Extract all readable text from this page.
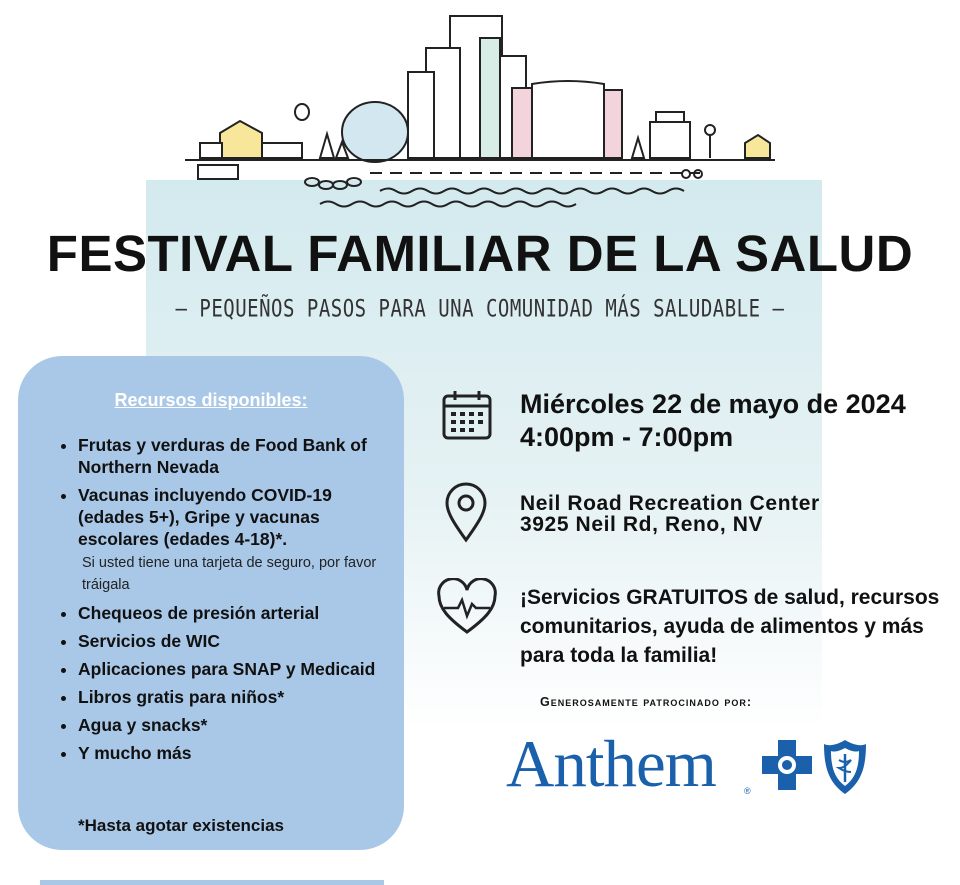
FESTIVAL FAMILIAR DE LA SALUD
— PEQUEÑOS PASOS PARA UNA COMUNIDAD MÁS SALUDABLE —
Recursos disponibles:
• Frutas y verduras de Food Bank of Northern Nevada
• Vacunas incluyendo COVID-19 (edades 5+), Gripe y vacunas escolares (edades 4-18)*.
Si usted tiene una tarjeta de seguro, por favor tráigala
• Chequeos de presión arterial
• Servicios de WIC
• Aplicaciones para SNAP y Medicaid
• Libros gratis para niños*
• Agua y snacks*
• Y mucho más
*Hasta agotar existencias
Miércoles 22 de mayo de 2024
4:00pm - 7:00pm
Neil Road Recreation Center
3925 Neil Rd, Reno, NV
¡Servicios GRATUITOS de salud, recursos comunitarios, ayuda de alimentos y más para toda la familia!
Generosamente patrocinado por:
Anthem	®
